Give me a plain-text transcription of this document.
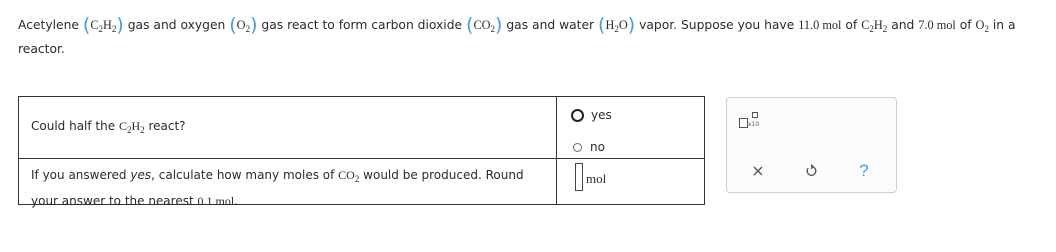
Acetylene $(C_2H_2)$ gas and oxygen $(O_2)$ gas react to form carbon dioxide $(CO_2)$ gas and water $(H_2O)$ vapor. Suppose you have 11.0 mol of $C_2H_2$ and 7.0 mol of $O_2$ in a reactor.
Could half the $C_2H_2$ react?
yes
no
If you answered yes, calculate how many moles of $CO_2$ would be produced. Round your answer to the nearest 0.1 mol.
mol
x10
?
